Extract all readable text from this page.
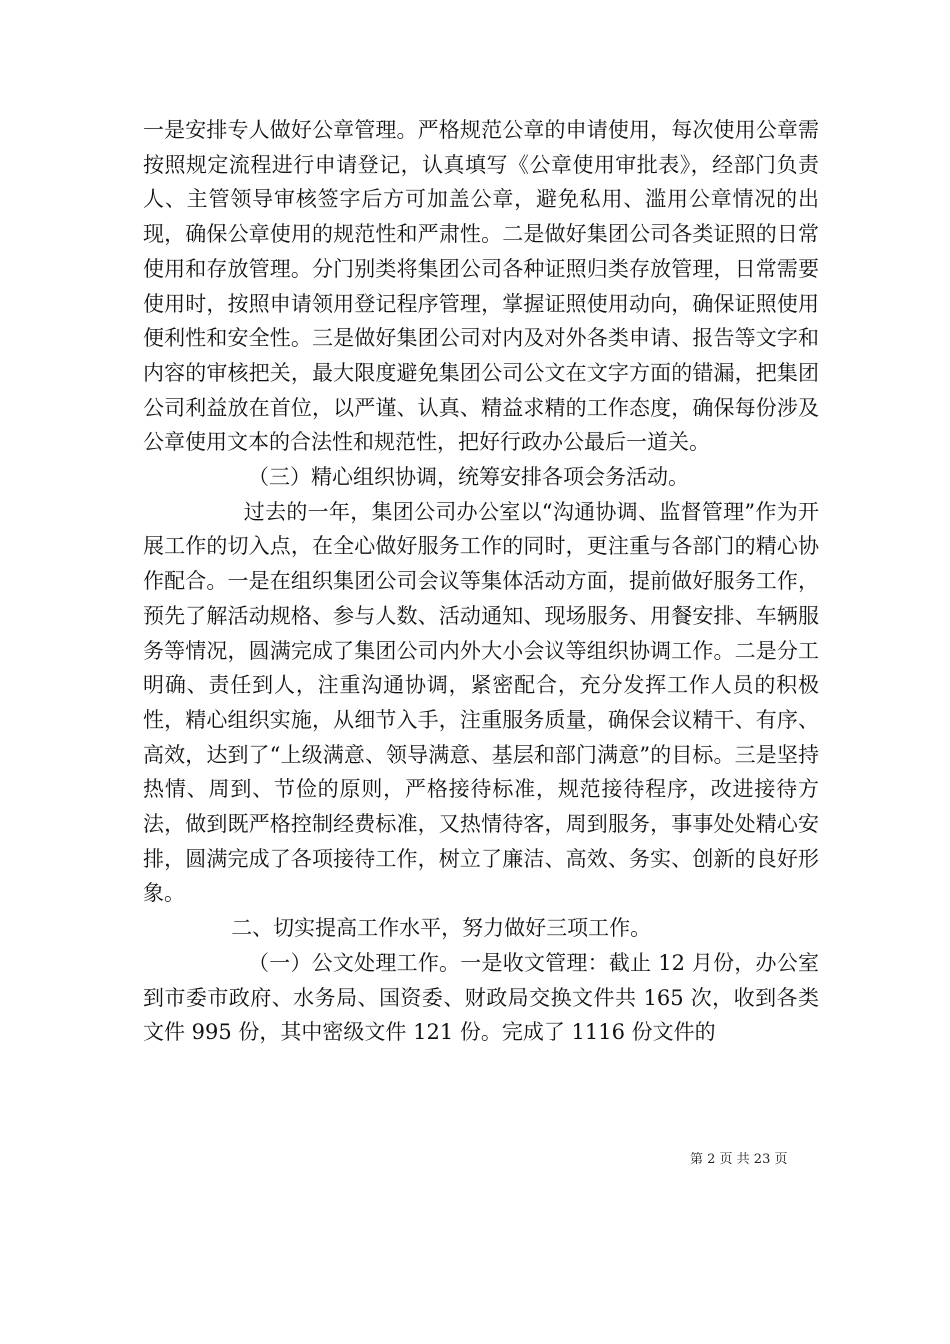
一是安排专人做好公章管理。严格规范公章的申请使用，每次使用公章需按照规定流程进行申请登记，认真填写《公章使用审批表》，经部门负责人、主管领导审核签字后方可加盖公章，避免私用、滥用公章情况的出现，确保公章使用的规范性和严肃性。二是做好集团公司各类证照的日常使用和存放管理。分门别类将集团公司各种证照归类存放管理，日常需要使用时，按照申请领用登记程序管理，掌握证照使用动向，确保证照使用便利性和安全性。三是做好集团公司对内及对外各类申请、报告等文字和内容的审核把关，最大限度避免集团公司公文在文字方面的错漏，把集团公司利益放在首位，以严谨、认真、精益求精的工作态度，确保每份涉及公章使用文本的合法性和规范性，把好行政办公最后一道关。

（三）精心组织协调，统筹安排各项会务活动。

过去的一年，集团公司办公室以“沟通协调、监督管理”作为开展工作的切入点，在全心做好服务工作的同时，更注重与各部门的精心协作配合。一是在组织集团公司会议等集体活动方面，提前做好服务工作，预先了解活动规格、参与人数、活动通知、现场服务、用餐安排、车辆服务等情况，圆满完成了集团公司内外大小会议等组织协调工作。二是分工明确、责任到人，注重沟通协调，紧密配合，充分发挥工作人员的积极性，精心组织实施，从细节入手，注重服务质量，确保会议精干、有序、高效，达到了“上级满意、领导满意、基层和部门满意”的目标。三是坚持热情、周到、节俭的原则，严格接待标准，规范接待程序，改进接待方法，做到既严格控制经费标准，又热情待客，周到服务，事事处处精心安排，圆满完成了各项接待工作，树立了廉洁、高效、务实、创新的良好形象。

二、切实提高工作水平，努力做好三项工作。

（一）公文处理工作。一是收文管理：截止 12 月份，办公室到市委市政府、水务局、国资委、财政局交换文件共 165 次，收到各类文件 995 份，其中密级文件 121 份。完成了 1116 份文件的

第 2 页 共 23 页
